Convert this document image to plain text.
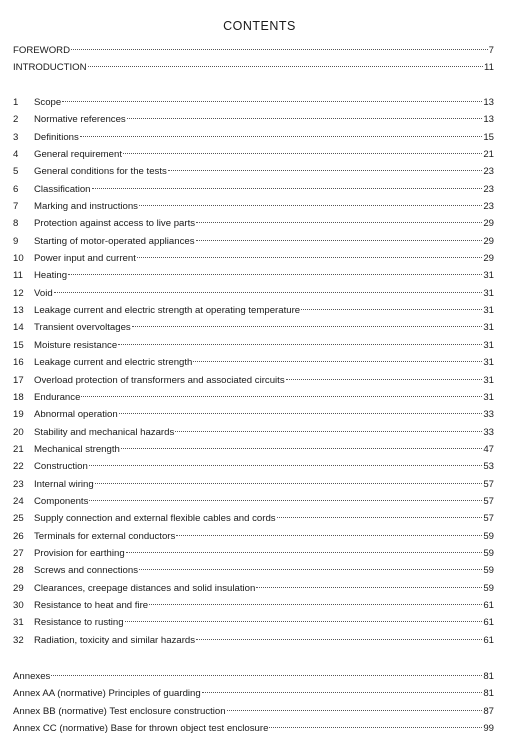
CONTENTS
FOREWORD	7
INTRODUCTION	11
1	Scope	13
2	Normative references	13
3	Definitions	15
4	General requirement	21
5	General conditions for the tests	23
6	Classification	23
7	Marking and instructions	23
8	Protection against access to live parts	29
9	Starting of motor-operated appliances	29
10	Power input and current	29
11	Heating	31
12	Void	31
13	Leakage current and electric strength at operating temperature	31
14	Transient overvoltages	31
15	Moisture resistance	31
16	Leakage current and electric strength	31
17	Overload protection of transformers and associated circuits	31
18	Endurance	31
19	Abnormal operation	33
20	Stability and mechanical hazards	33
21	Mechanical strength	47
22	Construction	53
23	Internal wiring	57
24	Components	57
25	Supply connection and external flexible cables and cords	57
26	Terminals for external conductors	59
27	Provision for earthing	59
28	Screws and connections	59
29	Clearances, creepage distances and solid insulation	59
30	Resistance to heat and fire	61
31	Resistance to rusting	61
32	Radiation, toxicity and similar hazards	61
Annexes	81
Annex AA (normative) Principles of guarding	81
Annex BB (normative) Test enclosure construction	87
Annex CC (normative) Base for thrown object test enclosure	99
